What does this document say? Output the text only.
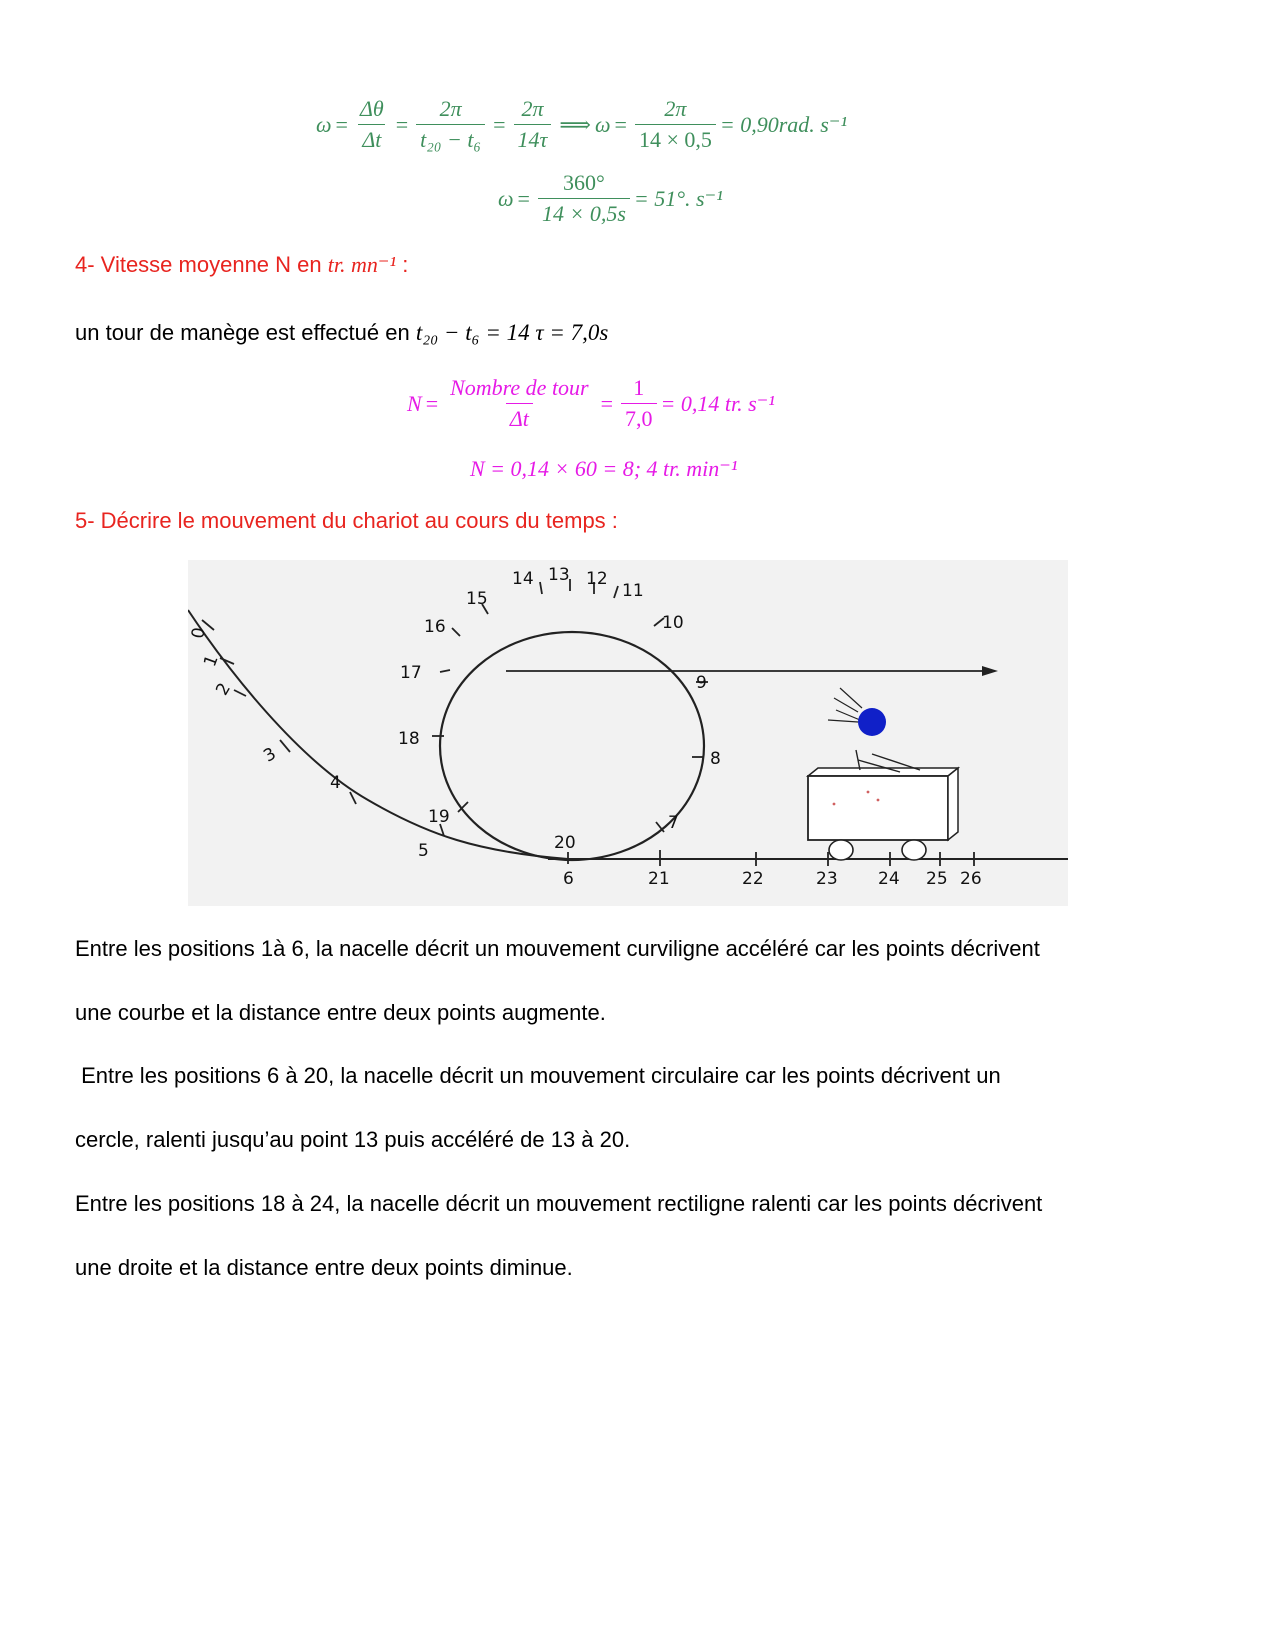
$\omega = \frac{\Delta\theta}{\Delta t} = \frac{2\pi}{\text{t₂₀ − t₆}} = \frac{2\pi}{14\tau}$ ⟹ $\omega = \frac{2\pi}{14 \times 0,5} = 0,90rad$. s⁻¹
$\omega = \frac{360^\circ}{14 \times 0,5s} = 51^\circ$. s⁻¹
4- Vitesse moyenne N en tr. mn⁻¹ :
un tour de manège est effectué en t₂₀ − t₆ = 14 τ = 7,0s
$N = \frac{\text{Nombre de tour}}{\Delta t} = \frac{1}{7,0} = 0,14$ tr. s⁻¹
N = 0,14 × 60 = 8; 4 tr. min⁻¹
5- Décrire le mouvement du chariot au cours du temps :
0
1
2
3
4
5
6
7
8
9
10
11
12
13
14
15
16
17
18
19
20
21	22	23 24 25 26
Entre les positions 1à 6, la nacelle décrit un mouvement curviligne accéléré car les points décrivent
une courbe et la distance entre deux points augmente.
Entre les positions 6 à 20, la nacelle décrit un mouvement circulaire car les points décrivent un
cercle, ralenti jusqu’au point 13 puis accéléré de 13 à 20.
Entre les positions 18 à 24, la nacelle décrit un mouvement rectiligne ralenti car les points décrivent
une droite et la distance entre deux points diminue.
